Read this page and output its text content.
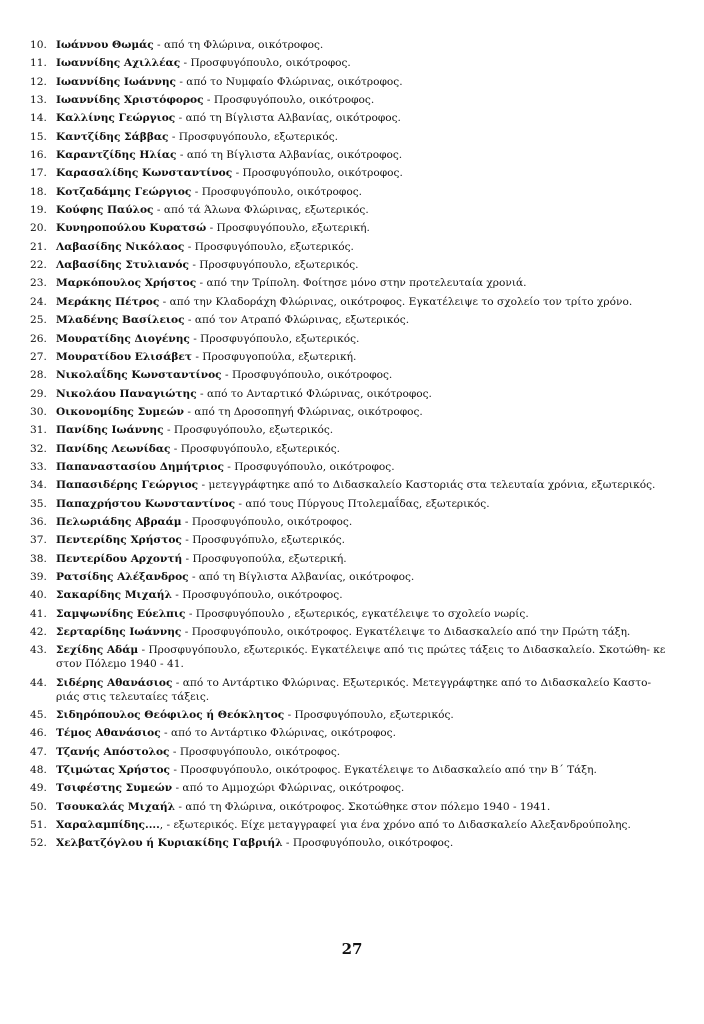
10. Ιωάννου Θωμάς - από τη Φλώρινα, οικότροφος.
11. Ιωαννίδης Αχιλλέας - Προσφυγόπουλο, οικότροφος.
12. Ιωαννίδης Ιωάννης - από το Νυμφαίο Φλώρινας, οικότροφος.
13. Ιωαννίδης Χριστόφορος - Προσφυγόπουλο, οικότροφος.
14. Καλλίνης Γεώργιος - από τη Βίγλιστα Αλβανίας, οικότροφος.
15. Καντζίδης Σάββας - Προσφυγόπουλο, εξωτερικός.
16. Καραντζίδης Ηλίας - από τη Βίγλιστα Αλβανίας, οικότροφος.
17. Καρασαλίδης Κωνσταντίνος - Προσφυγόπουλο, οικότροφος.
18. Κοτζαδάμης Γεώργιος - Προσφυγόπουλο, οικότροφος.
19. Κούφης Παύλος - από τά Άλωνα Φλώρινας, εξωτερικός.
20. Κυνηροπούλου Κυρατσώ - Προσφυγόπουλο, εξωτερική.
21. Λαβασίδης Νικόλαος - Προσφυγόπουλο, εξωτερικός.
22. Λαβασίδης Στυλιανός - Προσφυγόπουλο, εξωτερικός.
23. Μαρκόπουλος Χρήστος - από την Τρίπολη. Φοίτησε μόνο στην προτελευταία χρονιά.
24. Μεράκης Πέτρος - από την Κλαδοράχη Φλώρινας, οικότροφος. Εγκατέλειψε το σχολείο τον τρίτο χρόνο.
25. Μλαδένης Βασίλειος - από τον Ατραπό Φλώρινας, εξωτερικός.
26. Μουρατίδης Διογένης - Προσφυγόπουλο, εξωτερικός.
27. Μουρατίδου Ελισάβετ - Προσφυγοπούλα, εξωτερική.
28. Νικολαΐδης Κωνσταντίνος - Προσφυγόπουλο, οικότροφος.
29. Νικολάου Παναγιώτης - από το Ανταρτικό Φλώρινας, οικότροφος.
30. Οικονομίδης Συμεών - από τη Δροσοπηγή Φλώρινας, οικότροφος.
31. Πανίδης Ιωάννης - Προσφυγόπουλο, εξωτερικός.
32. Πανίδης Λεωνίδας - Προσφυγόπουλο, εξωτερικός.
33. Παπαναστασίου Δημήτριος - Προσφυγόπουλο, οικότροφος.
34. Παπασιδέρης Γεώργιος - μετεγγράφτηκε από το Διδασκαλείο Καστοριάς στα τελευταία χρόνια, εξωτερικός.
35. Παπαχρήστου Κωνσταντίνος - από τους Πύργους Πτολεμαΐδας, εξωτερικός.
36. Πελωριάδης Αβραάμ - Προσφυγόπουλο, οικότροφος.
37. Πεντερίδης Χρήστος - Προσφυγόπυλο, εξωτερικός.
38. Πεντερίδου Αρχοντή - Προσφυγοπούλα, εξωτερική.
39. Ρατσίδης Αλέξανδρος - από τη Βίγλιστα Αλβανίας, οικότροφος.
40. Σακαρίδης Μιχαήλ - Προσφυγόπουλο, οικότροφος.
41. Σαμψωνίδης Εύελπις - Προσφυγόπουλο , εξωτερικός, εγκατέλειψε το σχολείο νωρίς.
42. Σερταρίδης Ιωάννης - Προσφυγόπουλο, οικότροφος. Εγκατέλειψε το Διδασκαλείο από την Πρώτη τάξη.
43. Σεχίδης Αδάμ - Προσφυγόπουλο, εξωτερικός. Εγκατέλειψε από τις πρώτες τάξεις το Διδασκαλείο. Σκοτώθη- κε στον Πόλεμο 1940 - 41.
44. Σιδέρης Αθανάσιος - από το Αντάρτικο Φλώρινας. Εξωτερικός. Μετεγγράφτηκε από το Διδασκαλείο Καστο- ριάς στις τελευταίες τάξεις.
45. Σιδηρόπουλος Θεόφιλος ή Θεόκλητος - Προσφυγόπουλο, εξωτερικός.
46. Τέμος Αθανάσιος - από το Αντάρτικο Φλώρινας, οικότροφος.
47. Τζανής Απόστολος - Προσφυγόπουλο, οικότροφος.
48. Τζιμώτας Χρήστος - Προσφυγόπουλο, οικότροφος. Εγκατέλειψε το Διδασκαλείο από την Β΄ Τάξη.
49. Τσιφέστης Συμεών - από το Αμμοχώρι Φλώρινας, οικότροφος.
50. Τσουκαλάς Μιχαήλ - από τη Φλώρινα, οικότροφος. Σκοτώθηκε στον πόλεμο 1940 - 1941.
51. Χαραλαμπίδης...., - εξωτερικός. Είχε μεταγγραφεί για ένα χρόνο από το Διδασκαλείο Αλεξανδρούπολης.
52. Χελβατζόγλου ή Κυριακίδης Γαβριήλ - Προσφυγόπουλο, οικότροφος.
27
